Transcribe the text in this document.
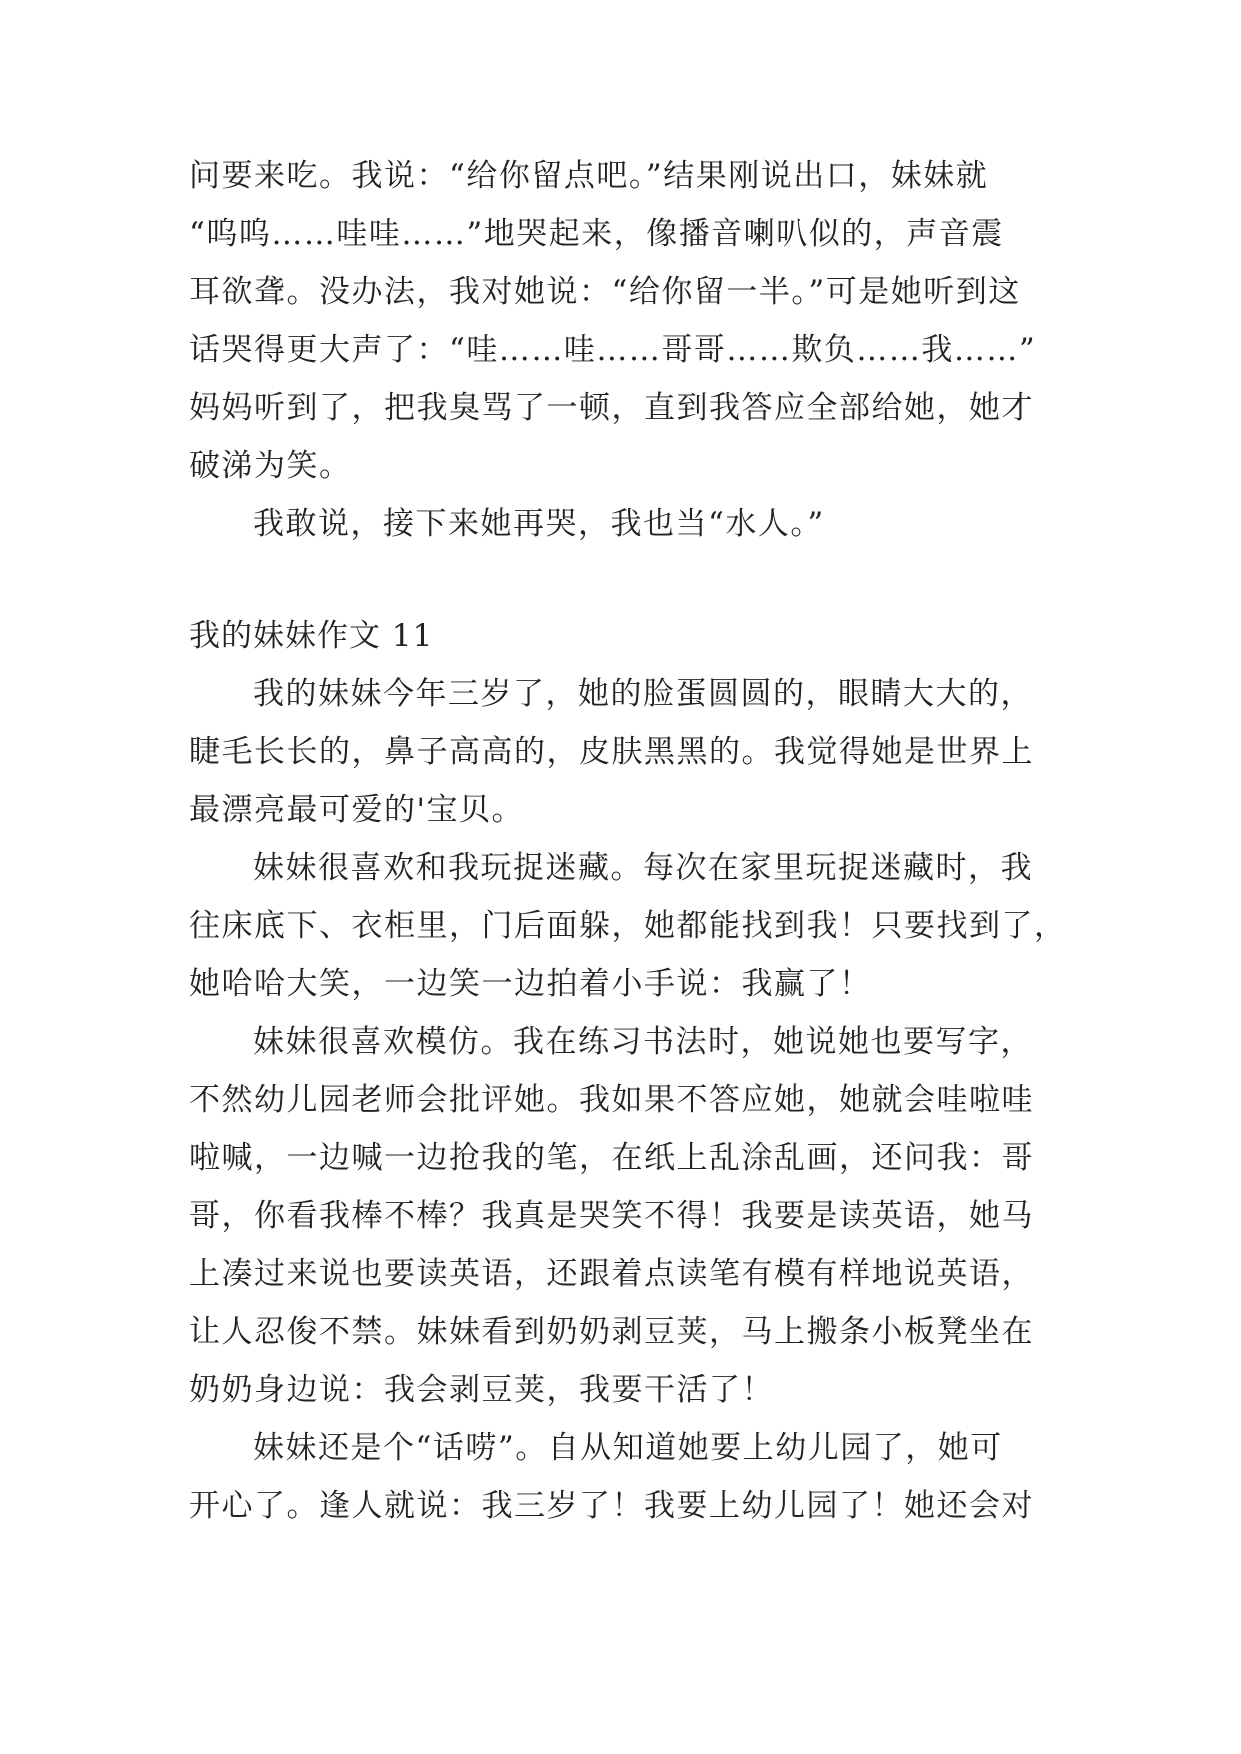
问要来吃。我说：“给你留点吧。”结果刚说出口，妹妹就
“呜呜……哇哇……”地哭起来，像播音喇叭似的，声音震
耳欲聋。没办法，我对她说：“给你留一半。”可是她听到这
话哭得更大声了：“哇……哇……哥哥……欺负……我……”
妈妈听到了，把我臭骂了一顿，直到我答应全部给她，她才
破涕为笑。
我敢说，接下来她再哭，我也当“水人。”
我的妹妹作文 11
我的妹妹今年三岁了，她的脸蛋圆圆的，眼睛大大的，
睫毛长长的，鼻子高高的，皮肤黑黑的。我觉得她是世界上
最漂亮最可爱的'宝贝。
妹妹很喜欢和我玩捉迷藏。每次在家里玩捉迷藏时，我
往床底下、衣柜里，门后面躲，她都能找到我！只要找到了，
她哈哈大笑，一边笑一边拍着小手说：我赢了！
妹妹很喜欢模仿。我在练习书法时，她说她也要写字，
不然幼儿园老师会批评她。我如果不答应她，她就会哇啦哇
啦喊，一边喊一边抢我的笔，在纸上乱涂乱画，还问我：哥
哥，你看我棒不棒？我真是哭笑不得！我要是读英语，她马
上凑过来说也要读英语，还跟着点读笔有模有样地说英语，
让人忍俊不禁。妹妹看到奶奶剥豆荚，马上搬条小板凳坐在
奶奶身边说：我会剥豆荚，我要干活了！
妹妹还是个“话唠”。自从知道她要上幼儿园了，她可
开心了。逢人就说：我三岁了！我要上幼儿园了！她还会对
